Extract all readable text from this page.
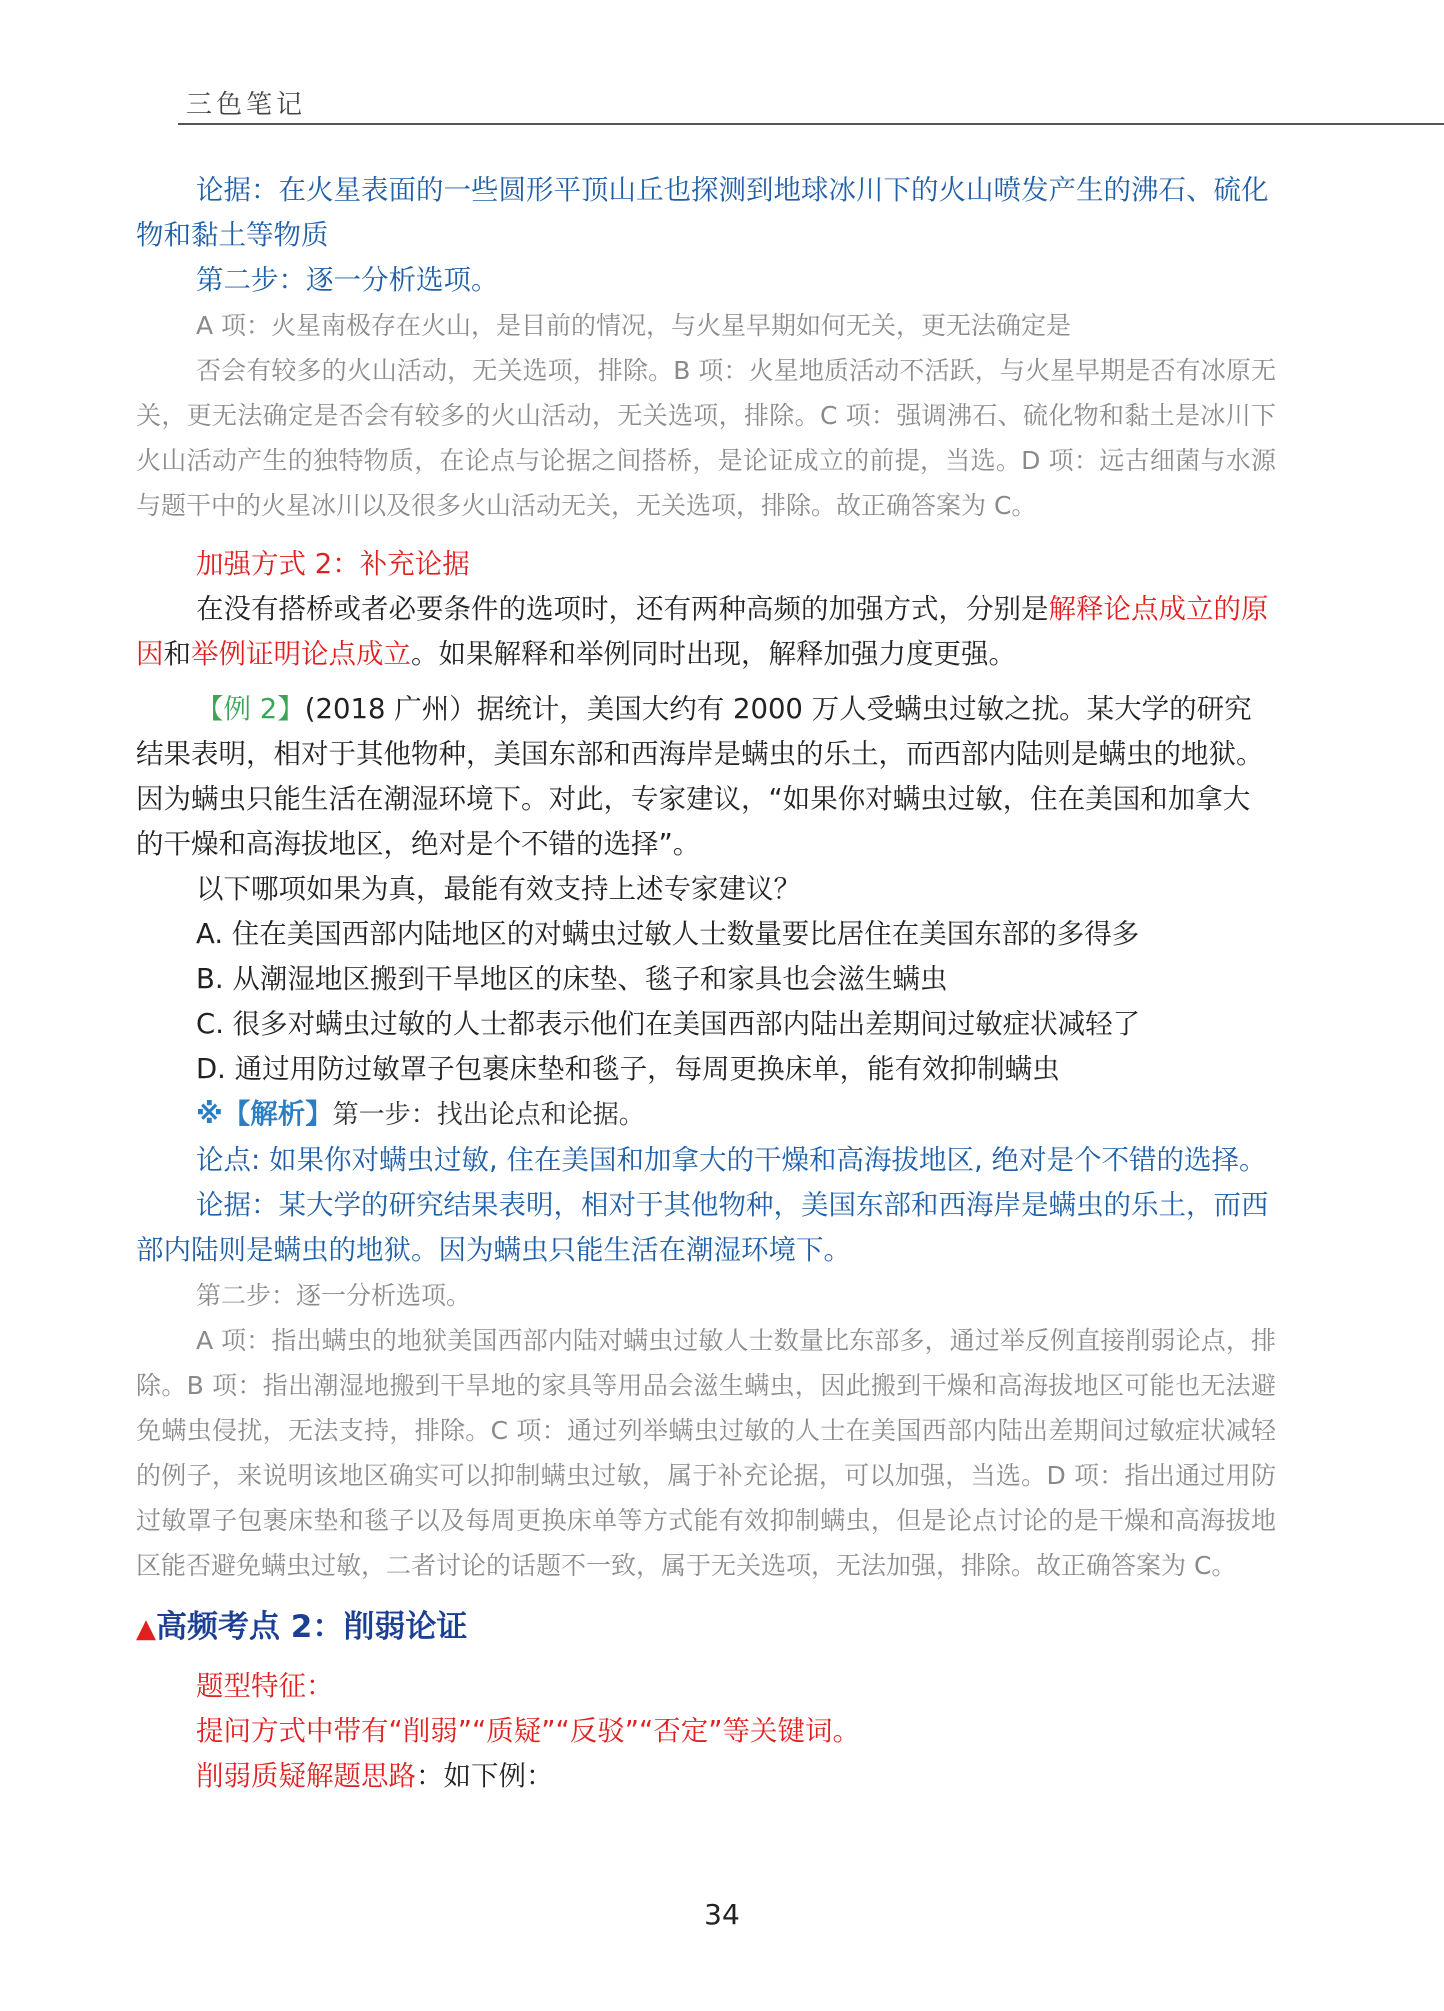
三色笔记

论据：在火星表面的一些圆形平顶山丘也探测到地球冰川下的火山喷发产生的沸石、硫化物和黏土等物质

第二步：逐一分析选项。

A 项：火星南极存在火山，是目前的情况，与火星早期如何无关，更无法确定是

否会有较多的火山活动，无关选项，排除。B 项：火星地质活动不活跃，与火星早期是否有冰原无关，更无法确定是否会有较多的火山活动，无关选项，排除。C 项：强调沸石、硫化物和黏土是冰川下火山活动产生的独特物质，在论点与论据之间搭桥，是论证成立的前提，当选。D 项：远古细菌与水源与题干中的火星冰川以及很多火山活动无关，无关选项，排除。故正确答案为 C。

加强方式 2：补充论据

在没有搭桥或者必要条件的选项时，还有两种高频的加强方式，分别是解释论点成立的原因和举例证明论点成立。如果解释和举例同时出现，解释加强力度更强。

【例 2】(2018 广州）据统计，美国大约有 2000 万人受螨虫过敏之扰。某大学的研究结果表明，相对于其他物种，美国东部和西海岸是螨虫的乐土，而西部内陆则是螨虫的地狱。因为螨虫只能生活在潮湿环境下。对此，专家建议，“如果你对螨虫过敏，住在美国和加拿大的干燥和高海拔地区，绝对是个不错的选择”。

以下哪项如果为真，最能有效支持上述专家建议？

A. 住在美国西部内陆地区的对螨虫过敏人士数量要比居住在美国东部的多得多

B. 从潮湿地区搬到干旱地区的床垫、毯子和家具也会滋生螨虫

C. 很多对螨虫过敏的人士都表示他们在美国西部内陆出差期间过敏症状减轻了

D. 通过用防过敏罩子包裹床垫和毯子，每周更换床单，能有效抑制螨虫

※【解析】第一步：找出论点和论据。

论点: 如果你对螨虫过敏, 住在美国和加拿大的干燥和高海拔地区, 绝对是个不错的选择。

论据：某大学的研究结果表明，相对于其他物种，美国东部和西海岸是螨虫的乐土，而西部内陆则是螨虫的地狱。因为螨虫只能生活在潮湿环境下。

第二步：逐一分析选项。

A 项：指出螨虫的地狱美国西部内陆对螨虫过敏人士数量比东部多，通过举反例直接削弱论点，排除。B 项：指出潮湿地搬到干旱地的家具等用品会滋生螨虫，因此搬到干燥和高海拔地区可能也无法避免螨虫侵扰，无法支持，排除。C 项：通过列举螨虫过敏的人士在美国西部内陆出差期间过敏症状减轻的例子，来说明该地区确实可以抑制螨虫过敏，属于补充论据，可以加强，当选。D 项：指出通过用防过敏罩子包裹床垫和毯子以及每周更换床单等方式能有效抑制螨虫，但是论点讨论的是干燥和高海拔地区能否避免螨虫过敏，二者讨论的话题不一致，属于无关选项，无法加强，排除。故正确答案为 C。

▲高频考点 2：削弱论证

题型特征：

提问方式中带有“削弱”“质疑”“反驳”“否定”等关键词。

削弱质疑解题思路：如下例：

34
